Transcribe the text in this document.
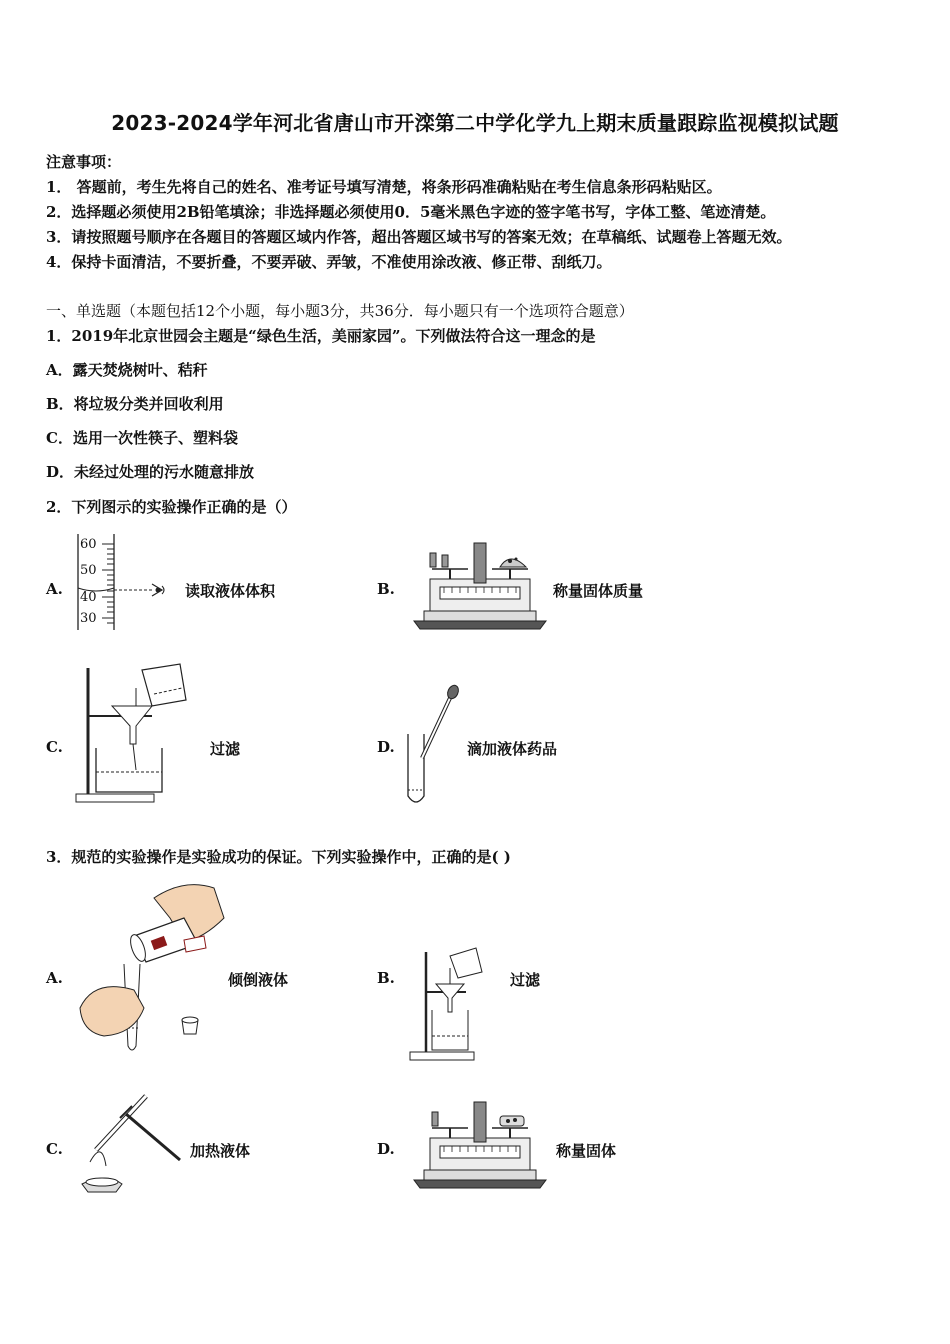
2023-2024学年河北省唐山市开滦第二中学化学九上期末质量跟踪监视模拟试题
注意事项：
1． 答题前，考生先将自己的姓名、准考证号填写清楚，将条形码准确粘贴在考生信息条形码粘贴区。
2．选择题必须使用2B铅笔填涂；非选择题必须使用0．5毫米黑色字迹的签字笔书写，字体工整、笔迹清楚。
3．请按照题号顺序在各题目的答题区域内作答，超出答题区域书写的答案无效；在草稿纸、试题卷上答题无效。
4．保持卡面清洁，不要折叠，不要弄破、弄皱，不准使用涂改液、修正带、刮纸刀。
一、单选题（本题包括12个小题，每小题3分，共36分．每小题只有一个选项符合题意）
1．2019年北京世园会主题是“绿色生活，美丽家园”。下列做法符合这一理念的是
A．露天焚烧树叶、秸秆
B．将垃圾分类并回收利用
C．选用一次性筷子、塑料袋
D．未经过处理的污水随意排放
2．下列图示的实验操作正确的是（）
A.
60
50
40
30
读取液体体积	B.	称量固体质量
C.	过滤	D.	滴加液体药品
3．规范的实验操作是实验成功的保证。下列实验操作中，正确的是( )
A.	倾倒液体	B.	过滤
C.	加热液体	D.	称量固体
